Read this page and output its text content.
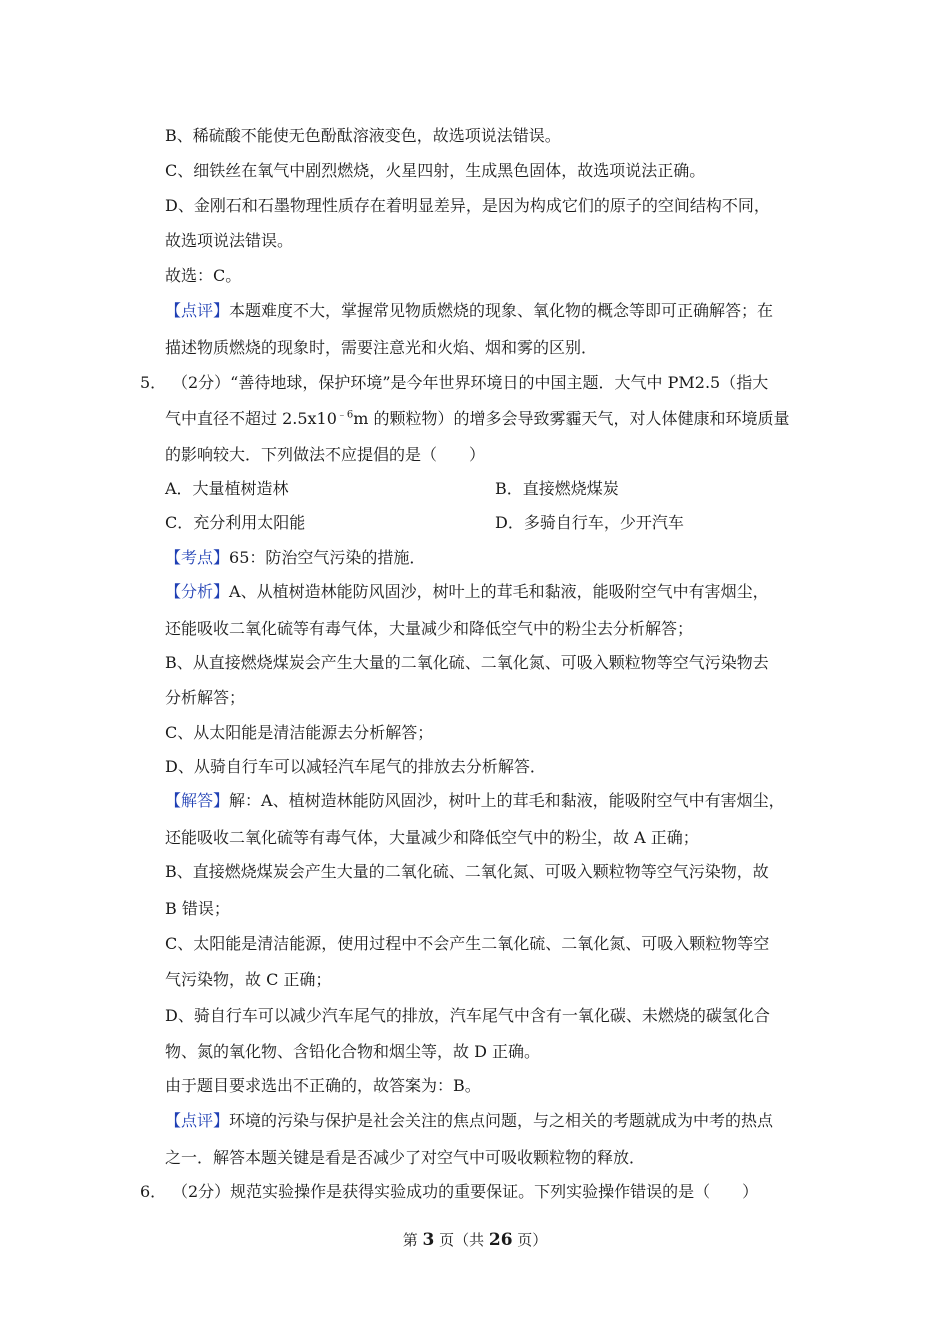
B、稀硫酸不能使无色酚酞溶液变色，故选项说法错误。
C、细铁丝在氧气中剧烈燃烧，火星四射，生成黑色固体，故选项说法正确。
D、金刚石和石墨物理性质存在着明显差异，是因为构成它们的原子的空间结构不同，
故选项说法错误。
故选：C。
【点评】本题难度不大，掌握常见物质燃烧的现象、氧化物的概念等即可正确解答；在
描述物质燃烧的现象时，需要注意光和火焰、烟和雾的区别．
5． （2分）“善待地球，保护环境”是今年世界环境日的中国主题．大气中 PM2.5（指大
气中直径不超过 $2.5x10^{﹣6}m$ 的颗粒物）的增多会导致雾霾天气，对人体健康和环境质量
的影响较大．下列做法不应提倡的是（　　）
A．大量植树造林	B．直接燃烧煤炭
C．充分利用太阳能	D．多骑自行车，少开汽车
【考点】65：防治空气污染的措施．
【分析】A、从植树造林能防风固沙，树叶上的茸毛和黏液，能吸附空气中有害烟尘，
还能吸收二氧化硫等有毒气体，大量减少和降低空气中的粉尘去分析解答；
B、从直接燃烧煤炭会产生大量的二氧化硫、二氧化氮、可吸入颗粒物等空气污染物去
分析解答；
C、从太阳能是清洁能源去分析解答；
D、从骑自行车可以减轻汽车尾气的排放去分析解答．
【解答】解：A、植树造林能防风固沙，树叶上的茸毛和黏液，能吸附空气中有害烟尘，
还能吸收二氧化硫等有毒气体，大量减少和降低空气中的粉尘，故 A 正确；
B、直接燃烧煤炭会产生大量的二氧化硫、二氧化氮、可吸入颗粒物等空气污染物，故
B 错误；
C、太阳能是清洁能源，使用过程中不会产生二氧化硫、二氧化氮、可吸入颗粒物等空
气污染物，故 C 正确；
D、骑自行车可以减少汽车尾气的排放，汽车尾气中含有一氧化碳、未燃烧的碳氢化合
物、氮的氧化物、含铅化合物和烟尘等，故 D 正确。
由于题目要求选出不正确的，故答案为：B。
【点评】环境的污染与保护是社会关注的焦点问题，与之相关的考题就成为中考的热点
之一．解答本题关键是看是否减少了对空气中可吸收颗粒物的释放．
6． （2分）规范实验操作是获得实验成功的重要保证。下列实验操作错误的是（　　）
第 3 页（共 26 页）
